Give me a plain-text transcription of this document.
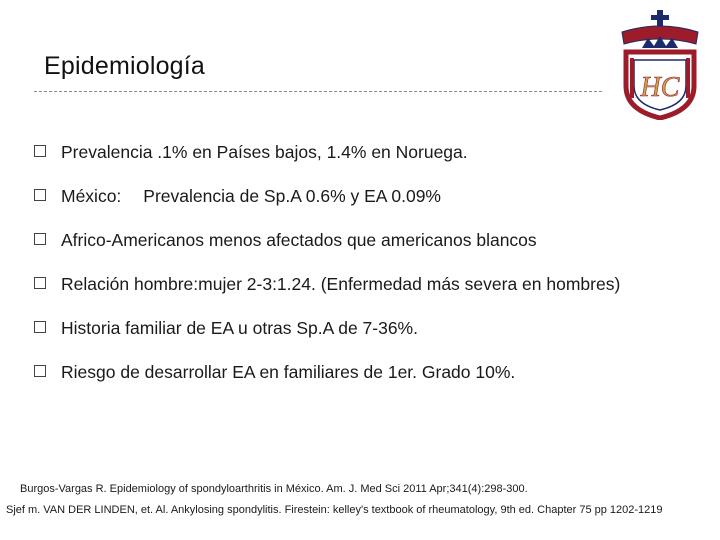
Epidemiología
HC
Prevalencia .1% en Países bajos, 1.4% en Noruega.
México: Prevalencia de Sp.A 0.6% y EA 0.09%
Africo-Americanos menos afectados que americanos blancos
Relación hombre:mujer 2-3:1.24. (Enfermedad más severa en hombres)
Historia familiar de EA u otras Sp.A de 7-36%.
Riesgo de desarrollar EA en familiares de 1er. Grado 10%.
Burgos-Vargas R. Epidemiology of spondyloarthritis in México. Am. J. Med Sci 2011 Apr;341(4):298-300.
Sjef m. VAN DER LINDEN, et. Al. Ankylosing spondylitis. Firestein: kelley's textbook of rheumatology, 9th ed. Chapter 75 pp 1202-1219
